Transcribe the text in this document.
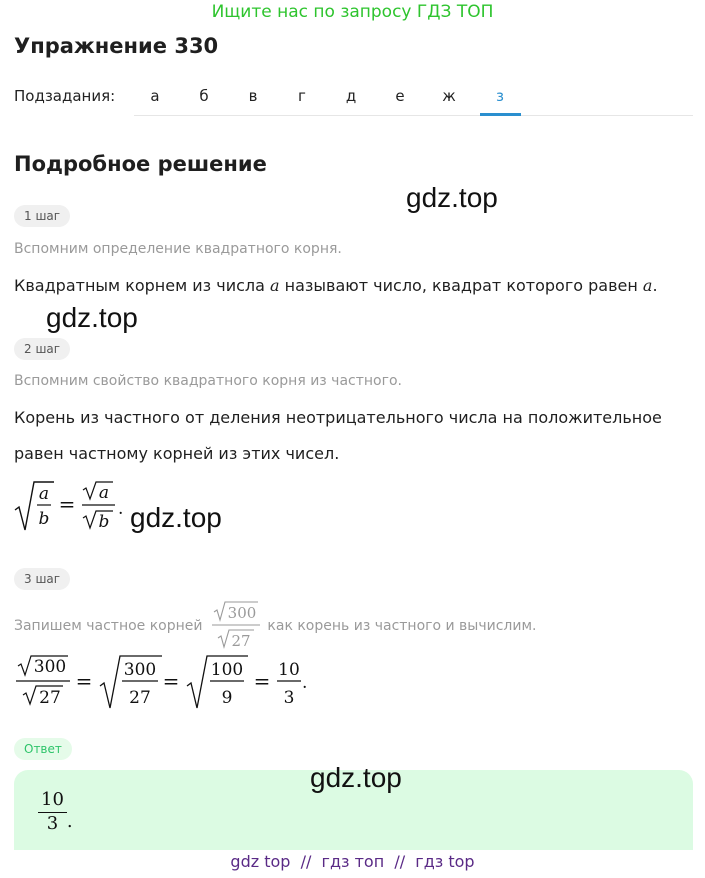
Ищите нас по запросу ГДЗ ТОП
Упражнение 330
Подзадания:	а	б	в	г	д	е	ж	з
Подробное решение
gdz.top
1 шаг
Вспомним определение квадратного корня.
Квадратным корнем из числа a называют число, квадрат которого равен a.
gdz.top
2 шаг
Вспомним свойство квадратного корня из частного.
Корень из частного от деления неотрицательного числа на положительное
равен частному корней из этих чисел.
a
b
= a
b
. gdz.top
3 шаг
Запишем частное корней	как корень из частного и вычислим.
300
27
300
27
= 300
27
= 100
9
= 10
3
.
Ответ
gdz.top
$\frac{10}{3}$ .
gdz top  //  гдз топ  //  гдз top
